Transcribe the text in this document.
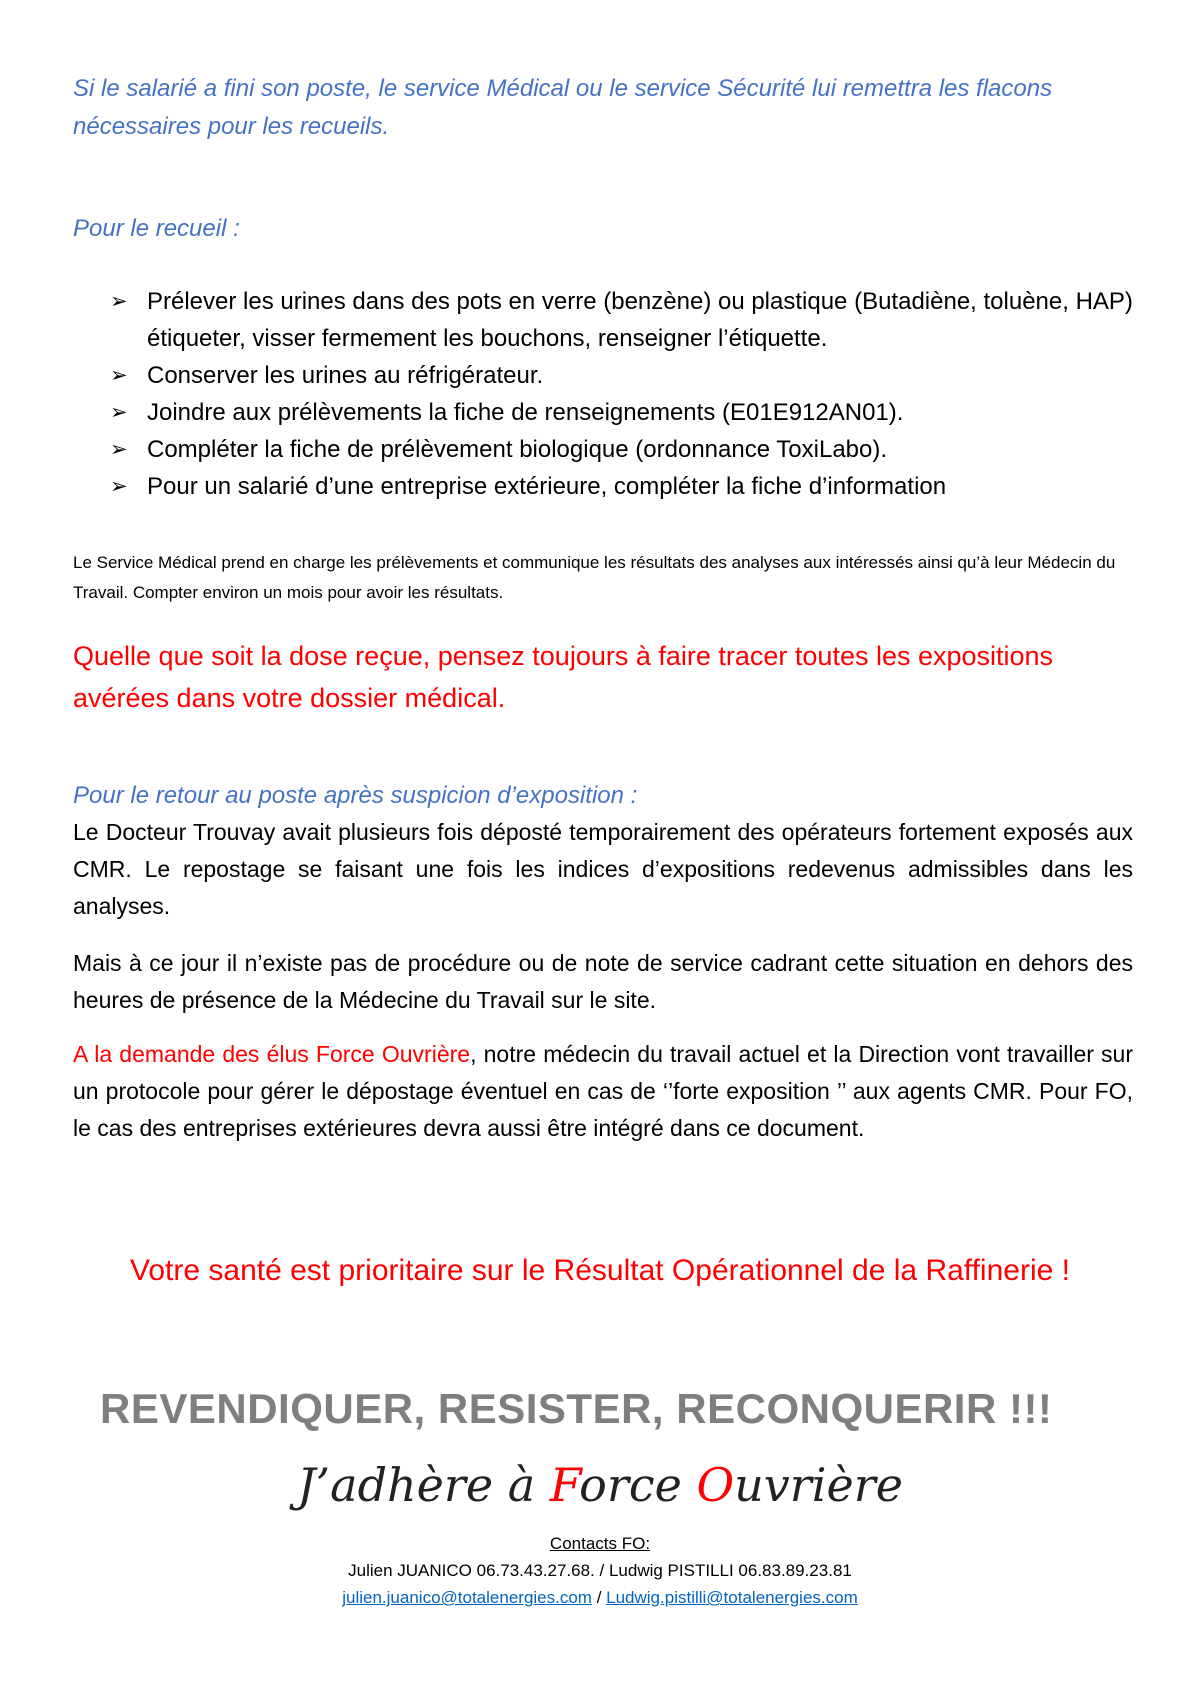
Si le salarié a fini son poste, le service Médical ou le service Sécurité lui remettra les flacons nécessaires pour les recueils.

Pour le recueil :

➢ Prélever les urines dans des pots en verre (benzène) ou plastique (Butadiène, toluène, HAP) étiqueter, visser fermement les bouchons, renseigner l’étiquette.
➢ Conserver les urines au réfrigérateur.
➢ Joindre aux prélèvements la fiche de renseignements (E01E912AN01).
➢ Compléter la fiche de prélèvement biologique (ordonnance ToxiLabo).
➢ Pour un salarié d’une entreprise extérieure, compléter la fiche d’information

Le Service Médical prend en charge les prélèvements et communique les résultats des analyses aux intéressés ainsi qu’à leur Médecin du Travail. Compter environ un mois pour avoir les résultats.

Quelle que soit la dose reçue, pensez toujours à faire tracer toutes les expositions avérées dans votre dossier médical.

Pour le retour au poste après suspicion d’exposition :

Le Docteur Trouvay avait plusieurs fois déposté temporairement des opérateurs fortement exposés aux CMR. Le repostage se faisant une fois les indices d’expositions redevenus admissibles dans les analyses.

Mais à ce jour il n’existe pas de procédure ou de note de service cadrant cette situation en dehors des heures de présence de la Médecine du Travail sur le site.

A la demande des élus Force Ouvrière, notre médecin du travail actuel et la Direction vont travailler sur un protocole pour gérer le dépostage éventuel en cas de ‘’forte exposition ’’ aux agents CMR. Pour FO, le cas des entreprises extérieures devra aussi être intégré dans ce document.

Votre santé est prioritaire sur le Résultat Opérationnel de la Raffinerie !

REVENDIQUER, RESISTER, RECONQUERIR !!!

J’adhère à Force Ouvrière

Contacts FO:

Julien JUANICO 06.73.43.27.68. / Ludwig PISTILLI 06.83.89.23.81

julien.juanico@totalenergies.com / Ludwig.pistilli@totalenergies.com
